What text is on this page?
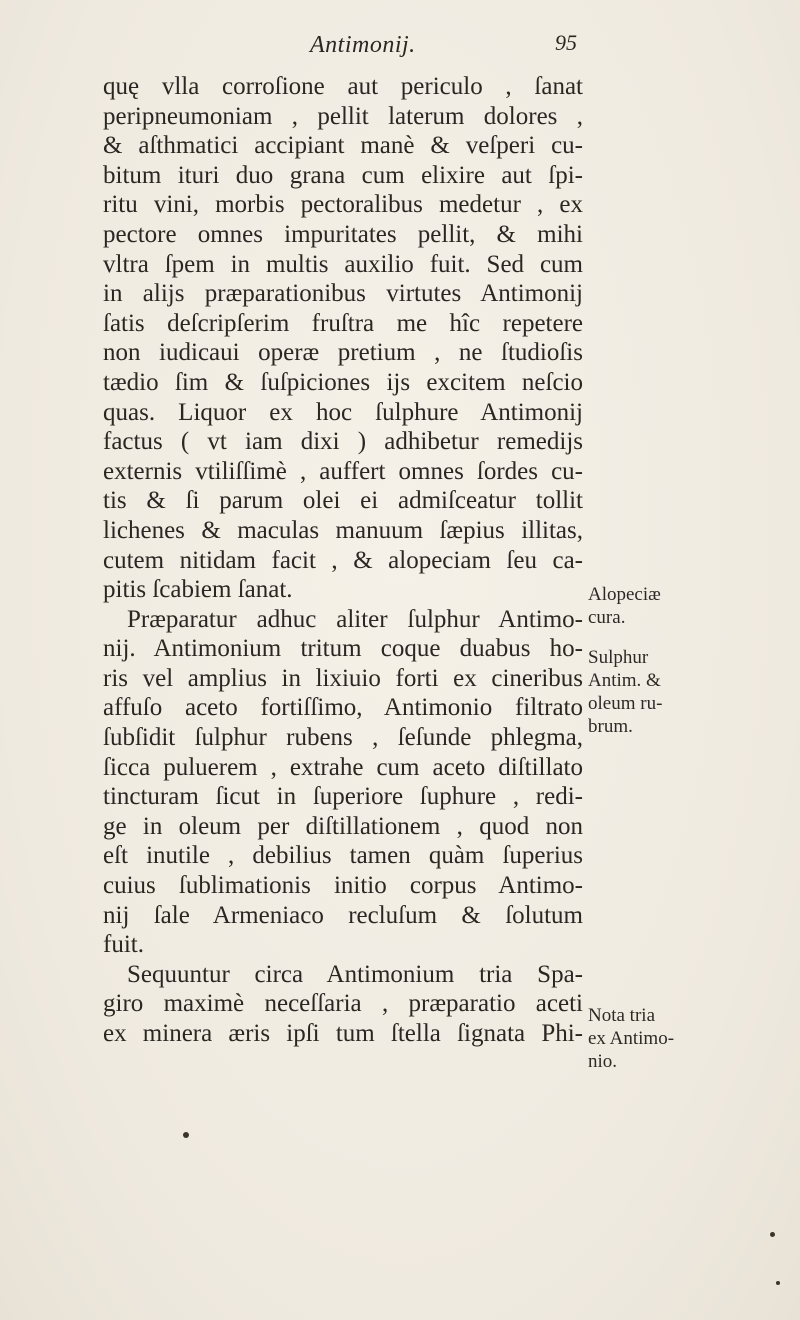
Antimonij.	95
quę vlla corroſione aut periculo , ſanat
peripneumoniam , pellit laterum dolores ,
& aſthmatici accipiant manè & veſperi cu-
bitum ituri duo grana cum elixire aut ſpi-
ritu vini, morbis pectoralibus medetur , ex
pectore omnes impuritates pellit, & mihi
vltra ſpem in multis auxilio fuit. Sed cum
in alijs præparationibus virtutes Antimonij
ſatis deſcripſerim fruſtra me hîc repetere
non iudicaui operæ pretium , ne ſtudioſis
tædio ſim & ſuſpiciones ijs excitem neſcio
quas. Liquor ex hoc ſulphure Antimonij
factus ( vt iam dixi ) adhibetur remedijs
externis vtiliſſimè , auffert omnes ſordes cu-
tis & ſi parum olei ei admiſceatur tollit
lichenes & maculas manuum ſæpius illitas,
cutem nitidam facit , & alopeciam ſeu ca-
pitis ſcabiem ſanat.
Præparatur adhuc aliter ſulphur Antimo-
nij. Antimonium tritum coque duabus ho-
ris vel amplius in lixiuio forti ex cineribus
affuſo aceto fortiſſimo, Antimonio filtrato
ſubſidit ſulphur rubens , ſeſunde phlegma,
ſicca puluerem , extrahe cum aceto diſtillato
tincturam ſicut in ſuperiore ſuphure , redi-
ge in oleum per diſtillationem , quod non
eſt inutile , debilius tamen quàm ſuperius
cuius ſublimationis initio corpus Antimo-
nij ſale Armeniaco recluſum & ſolutum
fuit.
Sequuntur circa Antimonium tria Spa-
giro maximè neceſſaria , præparatio aceti
ex minera æris ipſi tum ſtella ſignata Phi-
Alopeciæ
cura.
Sulphur
Antim. &
oleum ru-
brum.
Nota tria
ex Antimo-
nio.
